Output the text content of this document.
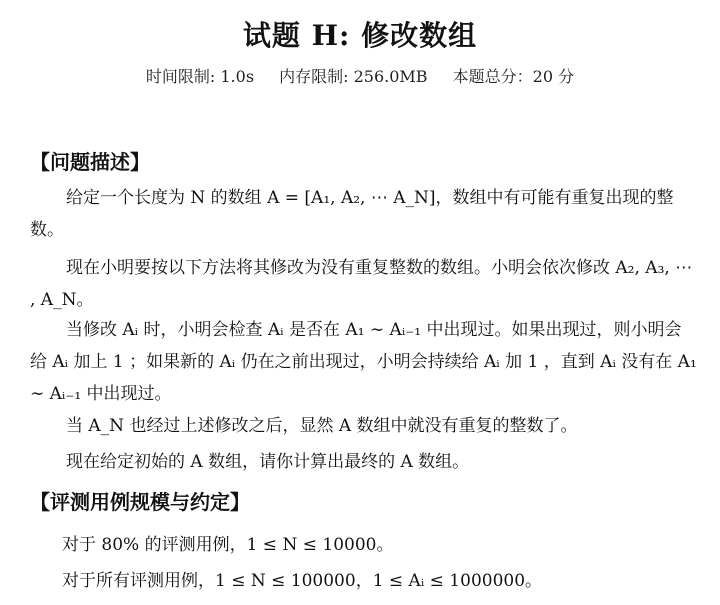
试题 H: 修改数组
时间限制: 1.0s 内存限制: 256.0MB 本题总分：20 分
【问题描述】
给定一个长度为 N 的数组 A = [A₁, A₂, ⋯ A_N]，数组中有可能有重复出现的整数。
现在小明要按以下方法将其修改为没有重复整数的数组。小明会依次修改 A₂, A₃, ⋯ , A_N。
当修改 Aᵢ 时，小明会检查 Aᵢ 是否在 A₁ ∼ Aᵢ₋₁ 中出现过。如果出现过，则小明会给 Aᵢ 加上 1 ；如果新的 Aᵢ 仍在之前出现过，小明会持续给 Aᵢ 加 1 ，直到 Aᵢ 没有在 A₁ ∼ Aᵢ₋₁ 中出现过。
当 A_N 也经过上述修改之后，显然 A 数组中就没有重复的整数了。
现在给定初始的 A 数组，请你计算出最终的 A 数组。
【评测用例规模与约定】
对于 80% 的评测用例，1 ≤ N ≤ 10000。
对于所有评测用例，1 ≤ N ≤ 100000，1 ≤ Aᵢ ≤ 1000000。
